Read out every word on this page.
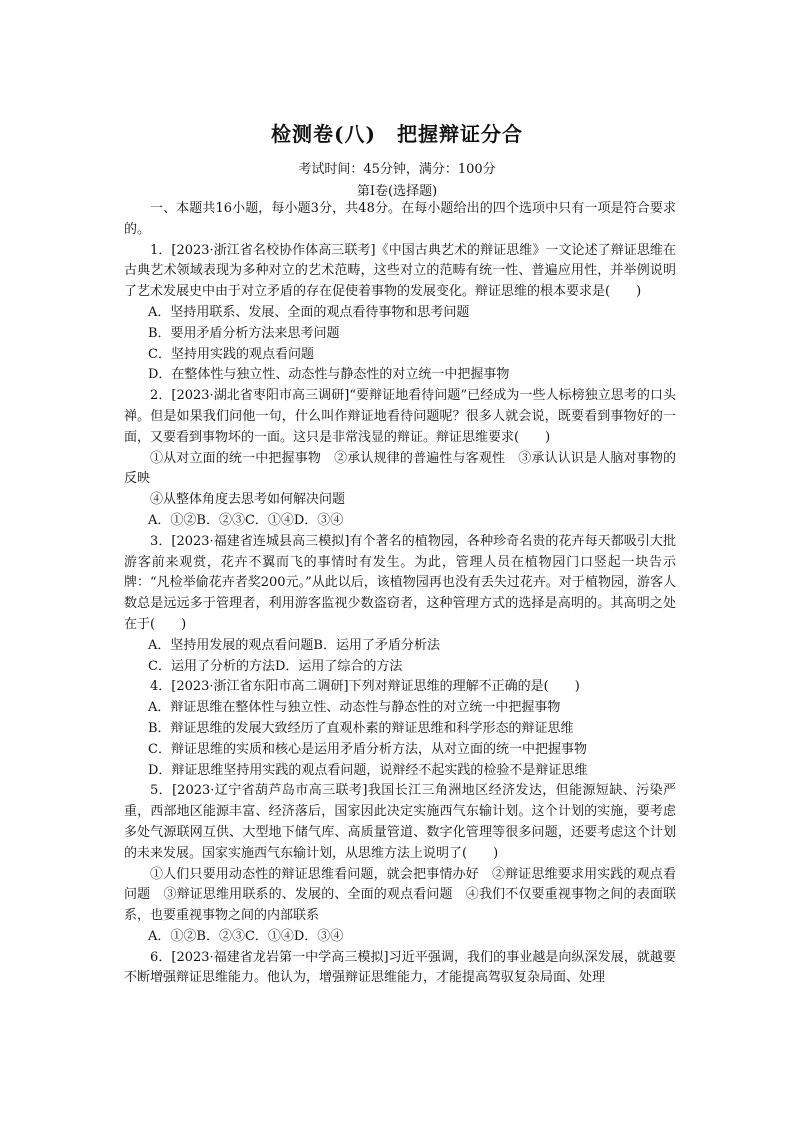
检测卷(八)　把握辩证分合
考试时间：45分钟，满分：100分
第Ⅰ卷(选择题)

一、本题共16小题，每小题3分，共48分。在每小题给出的四个选项中只有一项是符合要求的。

1．[2023·浙江省名校协作体高三联考]《中国古典艺术的辩证思维》一文论述了辩证思维在古典艺术领域表现为多种对立的艺术范畴，这些对立的范畴有统一性、普遍应用性，并举例说明了艺术发展史中由于对立矛盾的存在促使着事物的发展变化。辩证思维的根本要求是(　　)

A．坚持用联系、发展、全面的观点看待事物和思考问题

B．要用矛盾分析方法来思考问题

C．坚持用实践的观点看问题

D．在整体性与独立性、动态性与静态性的对立统一中把握事物

2．[2023·湖北省枣阳市高三调研]“要辩证地看待问题”已经成为一些人标榜独立思考的口头禅。但是如果我们问他一句，什么叫作辩证地看待问题呢？很多人就会说，既要看到事物好的一面，又要看到事物坏的一面。这只是非常浅显的辩证。辩证思维要求(　　)

①从对立面的统一中把握事物　②承认规律的普遍性与客观性　③承认认识是人脑对事物的反映

④从整体角度去思考如何解决问题

A．①②B．②③C．①④D．③④

3．[2023·福建省连城县高三模拟]有个著名的植物园，各种珍奇名贵的花卉每天都吸引大批游客前来观赏，花卉不翼而飞的事情时有发生。为此，管理人员在植物园门口竖起一块告示牌：“凡检举偷花卉者奖200元。”从此以后，该植物园再也没有丢失过花卉。对于植物园，游客人数总是远远多于管理者，利用游客监视少数盗窃者，这种管理方式的选择是高明的。其高明之处在于(　　)

A．坚持用发展的观点看问题B．运用了矛盾分析法

C．运用了分析的方法D．运用了综合的方法

4．[2023·浙江省东阳市高二调研]下列对辩证思维的理解不正确的是(　　)

A．辩证思维在整体性与独立性、动态性与静态性的对立统一中把握事物

B．辩证思维的发展大致经历了直观朴素的辩证思维和科学形态的辩证思维

C．辩证思维的实质和核心是运用矛盾分析方法，从对立面的统一中把握事物

D．辩证思维坚持用实践的观点看问题，说辩经不起实践的检验不是辩证思维

5．[2023·辽宁省葫芦岛市高三联考]我国长江三角洲地区经济发达，但能源短缺、污染严重，西部地区能源丰富、经济落后，国家因此决定实施西气东输计划。这个计划的实施，要考虑多处气源联网互供、大型地下储气库、高质量管道、数字化管理等很多问题，还要考虑这个计划的未来发展。国家实施西气东输计划，从思维方法上说明了(　　)

①人们只要用动态性的辩证思维看问题，就会把事情办好　②辩证思维要求用实践的观点看问题　③辩证思维用联系的、发展的、全面的观点看问题　④我们不仅要重视事物之间的表面联系，也要重视事物之间的内部联系

A．①②B．②③C．①④D．③④

6．[2023·福建省龙岩第一中学高三模拟]习近平强调，我们的事业越是向纵深发展，就越要不断增强辩证思维能力。他认为，增强辩证思维能力，才能提高驾驭复杂局面、处理
